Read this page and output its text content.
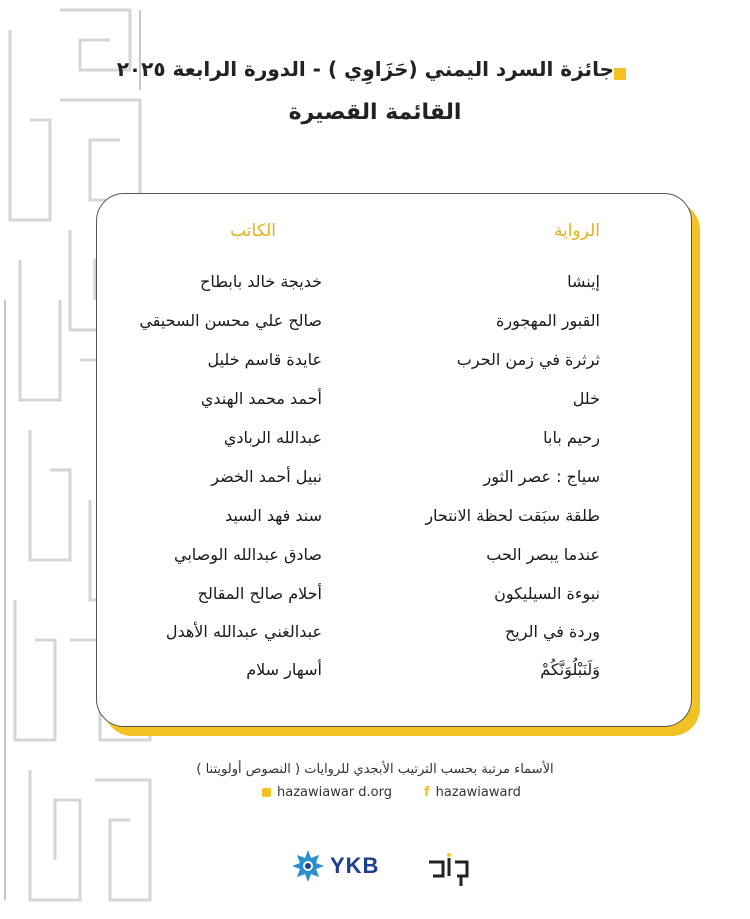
جائزة السرد اليمني (حَزَاوِي ) - الدورة الرابعة ٢٠٢٥
القائمة القصيرة
الرواية
الكاتب
إينشا
خديجة خالد بابطاح
القبور المهجورة
صالح علي محسن السحيقي
ثرثرة في زمن الحرب
عايدة قاسم خليل
خلل
أحمد محمد الهندي
رحيم بابا
عبدالله الربادي
سياج : عصر الثور
نبيل أحمد الخضر
طلقة سبَقت لحظة الانتحار
سند فهد السيد
عندما يبصر الحب
صادق عبدالله الوصابي
نبوءة السيليكون
أحلام صالح المقالح
وردة في الريح
عبدالغني عبدالله الأهدل
وَلَنَبْلُوَنَّكُمْ
أسهار سلام
الأسماء مرتبة بحسب الترتيب الأبجدي للروايات ( النصوص أولويتنا )
hazawiawar d.org f hazawiaward
YKB
